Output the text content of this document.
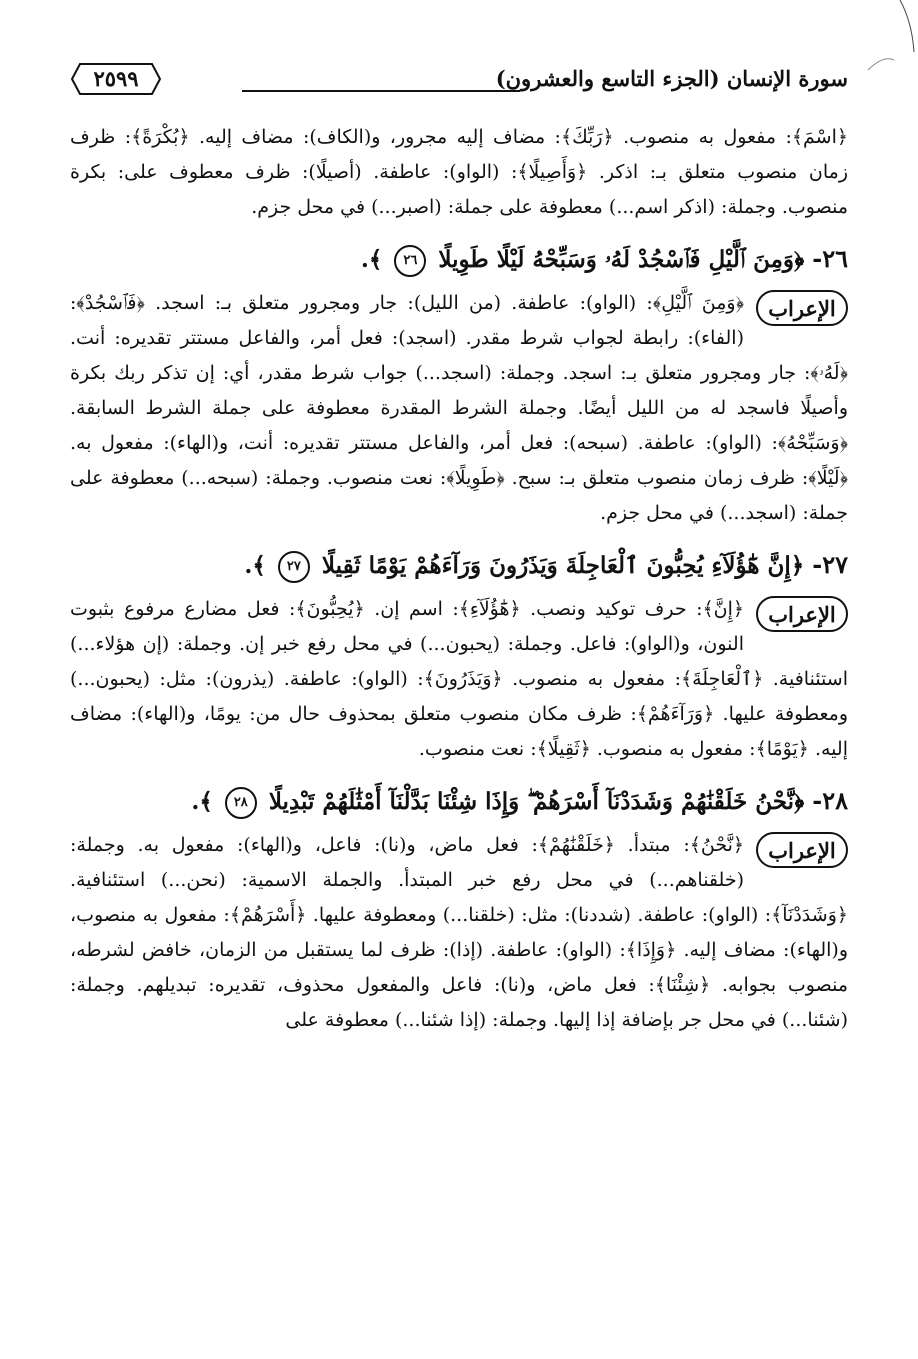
سورة الإنسان (الجزء التاسع والعشرون)
٢٥٩٩

﴿اسْمَ﴾: مفعول به منصوب. ﴿رَبِّكَ﴾: مضاف إليه مجرور، و(الكاف): مضاف إليه. ﴿بُكْرَةً﴾: ظرف زمان منصوب متعلق بـ: اذكر. ﴿وَأَصِيلًا﴾: (الواو): عاطفة. (أصيلًا): ظرف معطوف على: بكرة منصوب. وجملة: (اذكر اسم...) معطوفة على جملة: (اصبر...) في محل جزم.

٢٦- ﴿وَمِنَ ٱلَّيْلِ فَٱسْجُدْ لَهُۥ وَسَبِّحْهُ لَيْلًا طَوِيلًا ٢٦ ﴾.
الإعراب

﴿وَمِنَ ٱلَّيْلِ﴾: (الواو): عاطفة. (من الليل): جار ومجرور متعلق بـ: اسجد. ﴿فَٱسْجُدْ﴾: (الفاء): رابطة لجواب شرط مقدر. (اسجد): فعل أمر، والفاعل مستتر تقديره: أنت. ﴿لَهُۥ﴾: جار ومجرور متعلق بـ: اسجد. وجملة: (اسجد...) جواب شرط مقدر، أي: إن تذكر ربك بكرة وأصيلًا فاسجد له من الليل أيضًا. وجملة الشرط المقدرة معطوفة على جملة الشرط السابقة. ﴿وَسَبِّحْهُ﴾: (الواو): عاطفة. (سبحه): فعل أمر، والفاعل مستتر تقديره: أنت، و(الهاء): مفعول به. ﴿لَيْلًا﴾: ظرف زمان منصوب متعلق بـ: سبح. ﴿طَوِيلًا﴾: نعت منصوب. وجملة: (سبحه...) معطوفة على جملة: (اسجد...) في محل جزم.

٢٧- ﴿إِنَّ هَٰٓؤُلَآءِ يُحِبُّونَ ٱلْعَاجِلَةَ وَيَذَرُونَ وَرَآءَهُمْ يَوْمًا ثَقِيلًا ٢٧ ﴾.
الإعراب

﴿إِنَّ﴾: حرف توكيد ونصب. ﴿هَٰٓؤُلَآءِ﴾: اسم إن. ﴿يُحِبُّونَ﴾: فعل مضارع مرفوع بثبوت النون، و(الواو): فاعل. وجملة: (يحبون...) في محل رفع خبر إن. وجملة: (إن هؤلاء...) استئنافية. ﴿ٱلْعَاجِلَةَ﴾: مفعول به منصوب. ﴿وَيَذَرُونَ﴾: (الواو): عاطفة. (يذرون): مثل: (يحبون...) ومعطوفة عليها. ﴿وَرَآءَهُمْ﴾: ظرف مكان منصوب متعلق بمحذوف حال من: يومًا، و(الهاء): مضاف إليه. ﴿يَوْمًا﴾: مفعول به منصوب. ﴿ثَقِيلًا﴾: نعت منصوب.

٢٨- ﴿نَّحْنُ خَلَقْنَٰهُمْ وَشَدَدْنَآ أَسْرَهُمْ ۖ وَإِذَا شِئْنَا بَدَّلْنَآ أَمْثَٰلَهُمْ تَبْدِيلًا ٢٨ ﴾.
الإعراب

﴿نَّحْنُ﴾: مبتدأ. ﴿خَلَقْنَٰهُمْ﴾: فعل ماض، و(نا): فاعل، و(الهاء): مفعول به. وجملة: (خلقناهم...) في محل رفع خبر المبتدأ. والجملة الاسمية: (نحن...) استئنافية. ﴿وَشَدَدْنَآ﴾: (الواو): عاطفة. (شددنا): مثل: (خلقنا...) ومعطوفة عليها. ﴿أَسْرَهُمْ﴾: مفعول به منصوب، و(الهاء): مضاف إليه. ﴿وَإِذَا﴾: (الواو): عاطفة. (إذا): ظرف لما يستقبل من الزمان، خافض لشرطه، منصوب بجوابه. ﴿شِئْنَا﴾: فعل ماض، و(نا): فاعل والمفعول محذوف، تقديره: تبديلهم. وجملة: (شئنا...) في محل جر بإضافة إذا إليها. وجملة: (إذا شئنا...) معطوفة على
